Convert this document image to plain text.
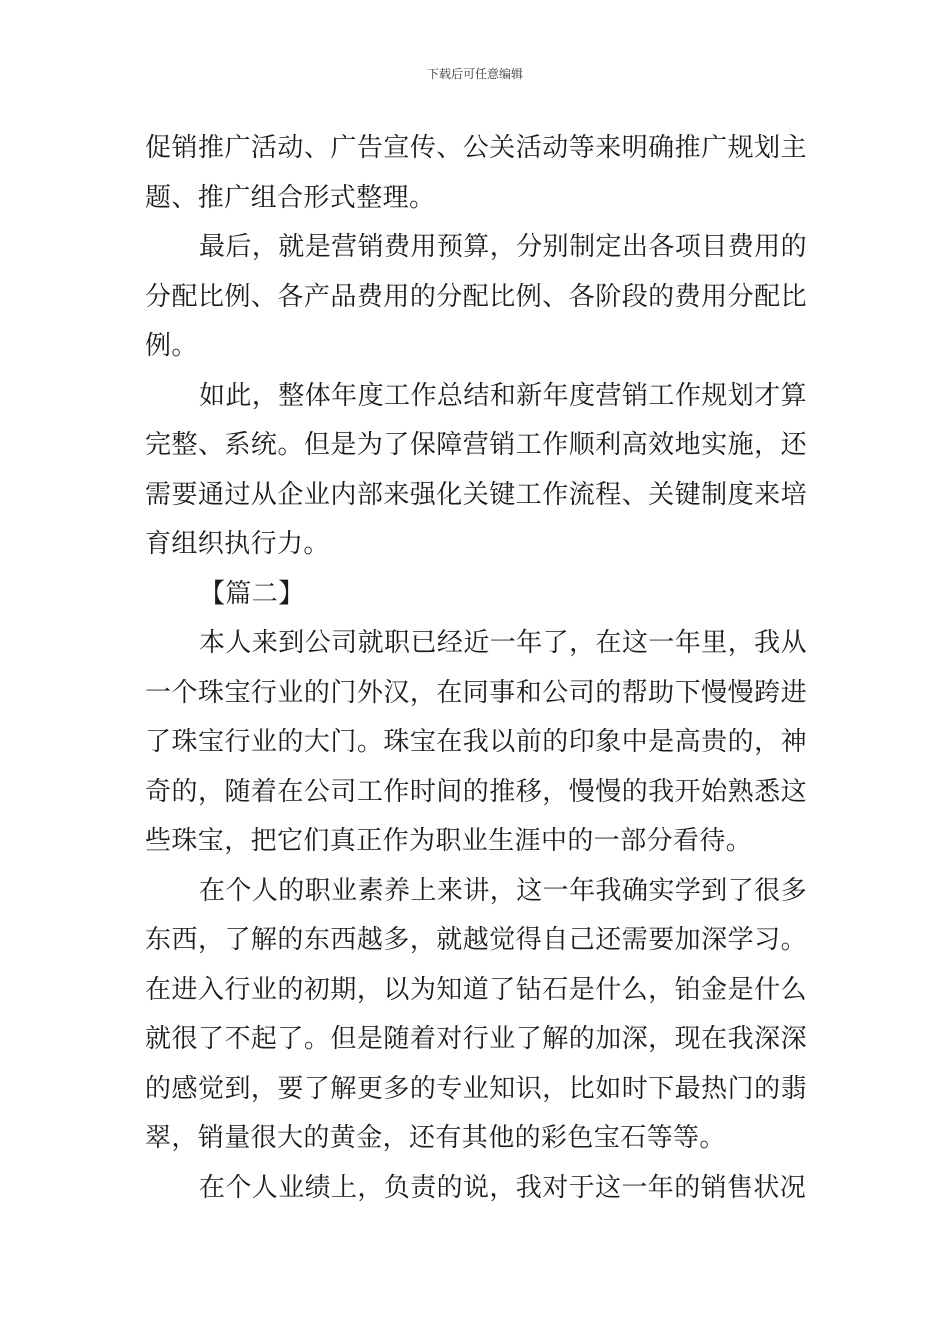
下载后可任意编辑

促销推广活动、广告宣传、公关活动等来明确推广规划主题、推广组合形式整理。

最后，就是营销费用预算，分别制定出各项目费用的分配比例、各产品费用的分配比例、各阶段的费用分配比例。

如此，整体年度工作总结和新年度营销工作规划才算完整、系统。但是为了保障营销工作顺利高效地实施，还需要通过从企业内部来强化关键工作流程、关键制度来培育组织执行力。

【篇二】

本人来到公司就职已经近一年了，在这一年里，我从一个珠宝行业的门外汉，在同事和公司的帮助下慢慢跨进了珠宝行业的大门。珠宝在我以前的印象中是高贵的，神奇的，随着在公司工作时间的推移，慢慢的我开始熟悉这些珠宝，把它们真正作为职业生涯中的一部分看待。

在个人的职业素养上来讲，这一年我确实学到了很多东西，了解的东西越多，就越觉得自己还需要加深学习。在进入行业的初期，以为知道了钻石是什么，铂金是什么就很了不起了。但是随着对行业了解的加深，现在我深深的感觉到，要了解更多的专业知识，比如时下最热门的翡翠，销量很大的黄金，还有其他的彩色宝石等等。

在个人业绩上，负责的说，我对于这一年的销售状况
